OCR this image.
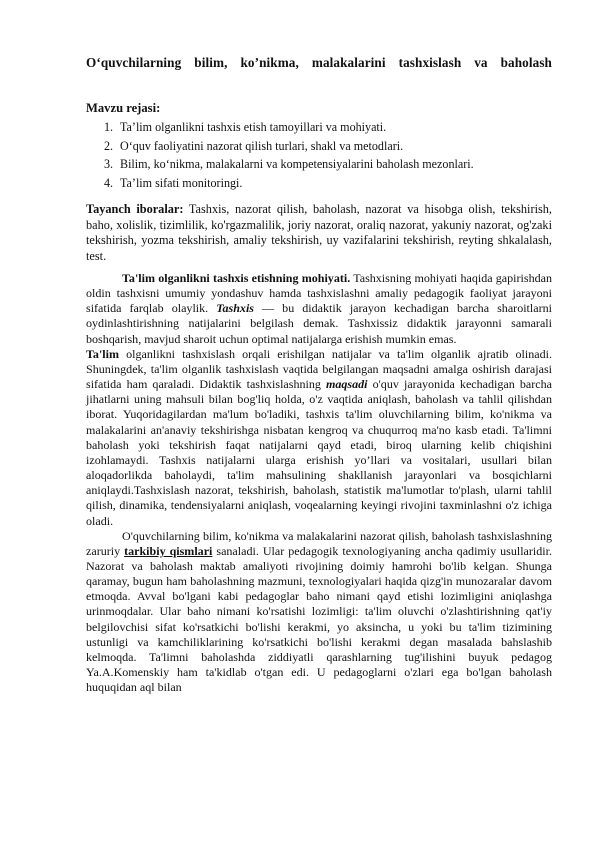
O‘quvchilarning bilim, ko’nikma, malakalarini tashxislash va baholash
Mavzu rejasi:
1. Ta’lim olganlikni tashxis etish tamoyillari va mohiyati.
2. O‘quv faoliyatini nazorat qilish turlari, shakl va metodlari.
3. Bilim, ko‘nikma, malakalarni va kompetensiyalarini baholash mezonlari.
4. Ta’lim sifati monitoringi.

Tayanch iboralar: Tashxis, nazorat qilish, baholash, nazorat va hisobga olish, tekshirish, baho, xolislik, tizimlilik, ko'rgazmalilik, joriy nazorat, oraliq nazorat, yakuniy nazorat, og'zaki tekshirish, yozma tekshirish, amaliy tekshirish, uy vazifalarini tekshirish, reyting shkalalash, test.

Ta'lim olganlikni tashxis etishning mohiyati. Tashxisning mohiyati haqida gapirishdan oldin tashxisni umumiy yondashuv hamda tashxislashni amaliy pedagogik faoliyat jarayoni sifatida farqlab olaylik. Tashxis — bu didaktik jarayon kechadigan barcha sharoitlarni oydinlashtirishning natijalarini belgilash demak. Tashxissiz didaktik jarayonni samarali boshqarish, mavjud sharoit uchun optimal natijalarga erishish mumkin emas.

Ta'lim olganlikni tashxislash orqali erishilgan natijalar va ta'lim olganlik ajratib olinadi. Shuningdek, ta'lim olganlik tashxislash vaqtida belgilangan maqsadni amalga oshirish darajasi sifatida ham qaraladi. Didaktik tashxislashning maqsadi o'quv jarayonida kechadigan barcha jihatlarni uning mahsuli bilan bog'liq holda, o'z vaqtida aniqlash, baholash va tahlil qilishdan iborat. Yuqoridagilardan ma'lum bo'ladiki, tashxis ta'lim oluvchilarning bilim, ko'nikma va malakalarini an'anaviy tekshirishga nisbatan kengroq va chuqurroq ma'no kasb etadi. Ta'limni baholash yoki tekshirish faqat natijalarni qayd etadi, biroq ularning kelib chiqishini izohlamaydi. Tashxis natijalarni ularga erishish yo’llari va vositalari, usullari bilan aloqadorlikda baholaydi, ta'lim mahsulining shakllanish jarayonlari va bosqichlarni aniqlaydi.Tashxislash nazorat, tekshirish, baholash, statistik ma'lumotlar to'plash, ularni tahlil qilish, dinamika, tendensiyalarni aniqlash, voqealarning keyingi rivojini taxminlashni o'z ichiga oladi.

O'quvchilarning bilim, ko'nikma va malakalarini nazorat qilish, baholash tashxislashning zaruriy tarkibiy qismlari sanaladi. Ular pedagogik texnologiyaning ancha qadimiy usullaridir. Nazorat va baholash maktab amaliyoti rivojining doimiy hamrohi bo'lib kelgan. Shunga qaramay, bugun ham baholashning mazmuni, texnologiyalari haqida qizg'in munozaralar davom etmoqda. Avval bo'lgani kabi pedagoglar baho nimani qayd etishi lozimligini aniqlashga urinmoqdalar. Ular baho nimani ko'rsatishi lozimligi: ta'lim oluvchi o'zlashtirishning qat'iy belgilovchisi sifat ko'rsatkichi bo'lishi kerakmi, yo aksincha, u yoki bu ta'lim tizimining ustunligi va kamchiliklarining ko'rsatkichi bo'lishi kerakmi degan masalada bahslashib kelmoqda. Ta'limni baholashda ziddiyatli qarashlarning tug'ilishini buyuk pedagog Ya.A.Komenskiy ham ta'kidlab o'tgan edi. U pedagoglarni o'zlari ega bo'lgan baholash huquqidan aql bilan
